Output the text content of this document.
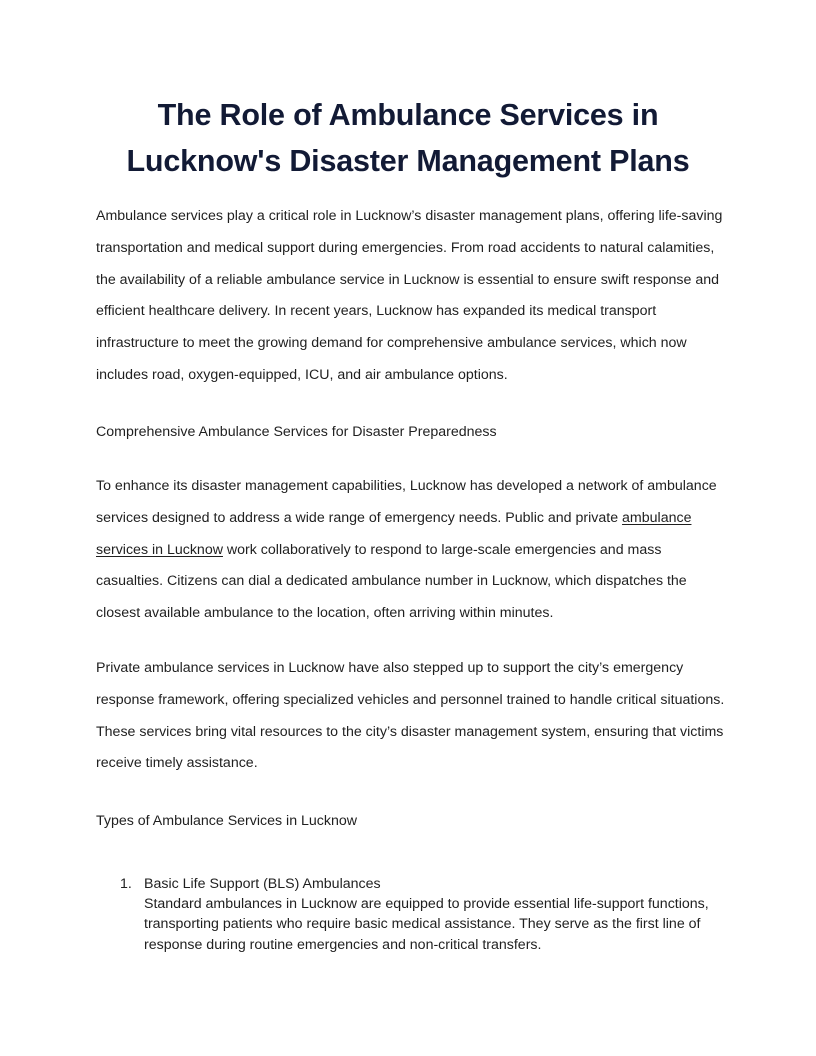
The Role of Ambulance Services in Lucknow's Disaster Management Plans

Ambulance services play a critical role in Lucknow’s disaster management plans, offering life-saving transportation and medical support during emergencies. From road accidents to natural calamities, the availability of a reliable ambulance service in Lucknow is essential to ensure swift response and efficient healthcare delivery. In recent years, Lucknow has expanded its medical transport infrastructure to meet the growing demand for comprehensive ambulance services, which now includes road, oxygen-equipped, ICU, and air ambulance options.

Comprehensive Ambulance Services for Disaster Preparedness

To enhance its disaster management capabilities, Lucknow has developed a network of ambulance services designed to address a wide range of emergency needs. Public and private ambulance services in Lucknow work collaboratively to respond to large-scale emergencies and mass casualties. Citizens can dial a dedicated ambulance number in Lucknow, which dispatches the closest available ambulance to the location, often arriving within minutes.

Private ambulance services in Lucknow have also stepped up to support the city’s emergency response framework, offering specialized vehicles and personnel trained to handle critical situations. These services bring vital resources to the city’s disaster management system, ensuring that victims receive timely assistance.

Types of Ambulance Services in Lucknow

1. Basic Life Support (BLS) Ambulances
Standard ambulances in Lucknow are equipped to provide essential life-support functions, transporting patients who require basic medical assistance. They serve as the first line of response during routine emergencies and non-critical transfers.
